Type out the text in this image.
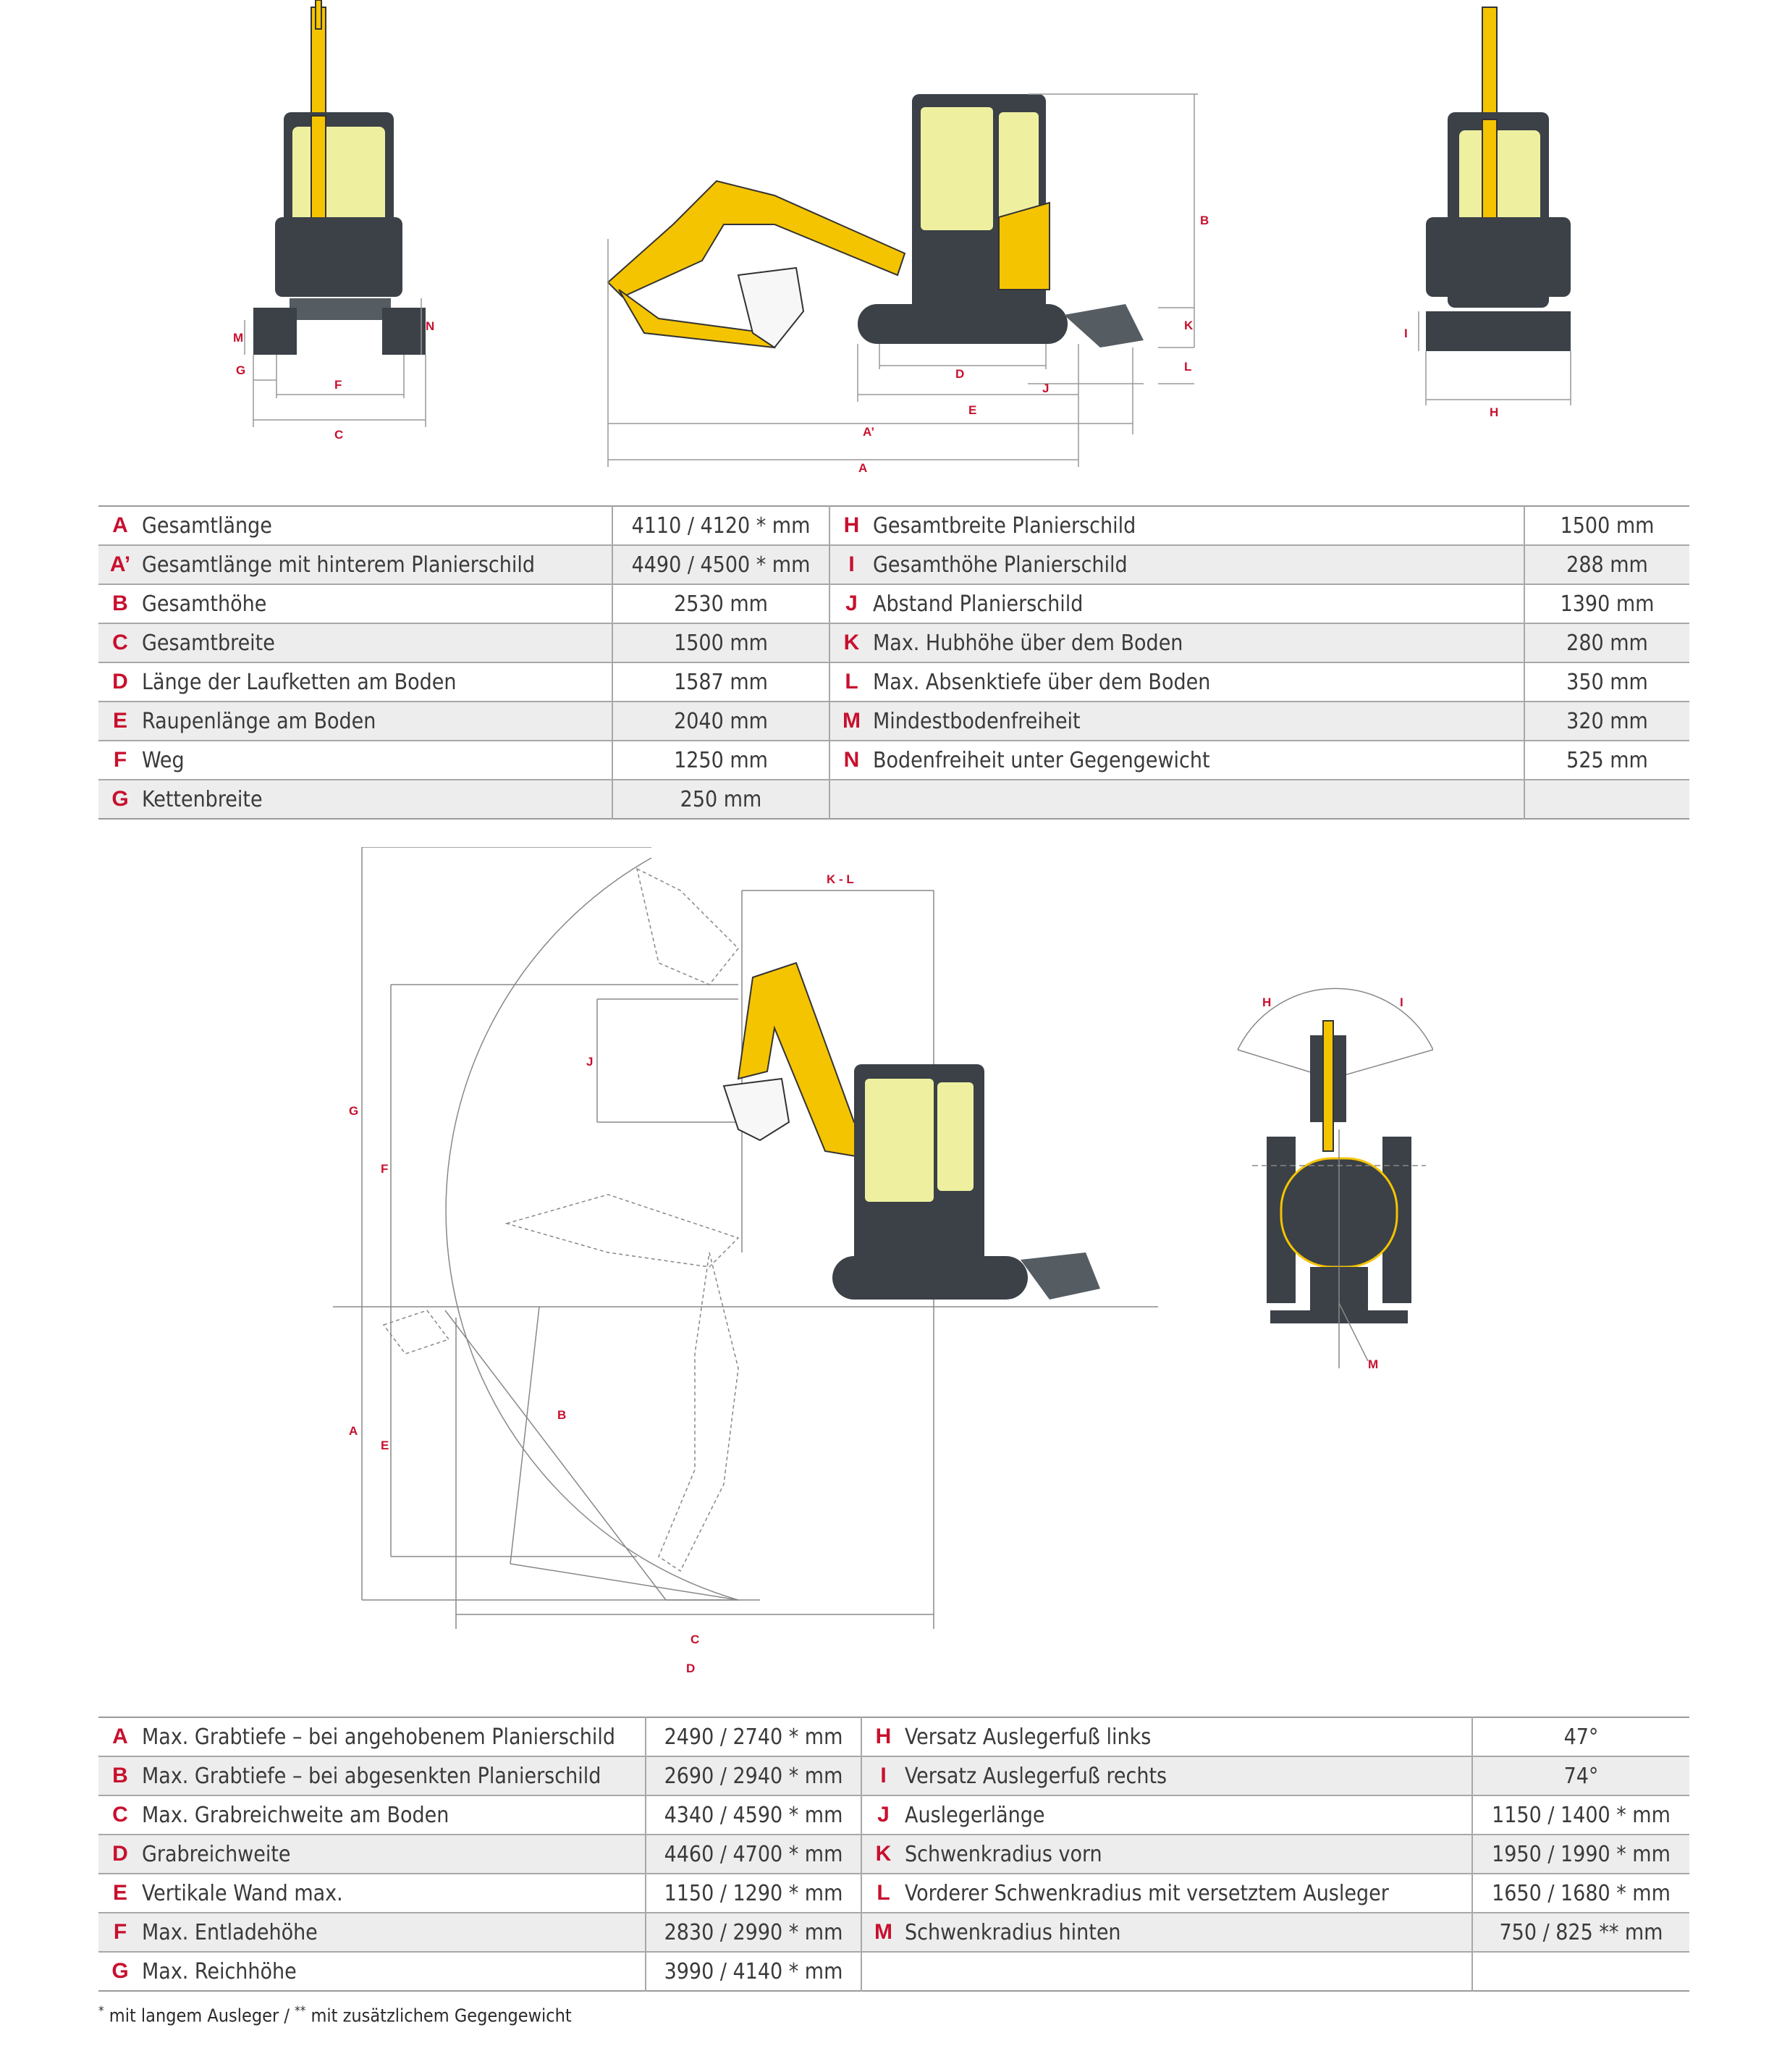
M
N
G
F
C
B
K
L
D
J
E
A’
A
I
H
A	Gesamtlänge	4110 / 4120 * mm	H	Gesamtbreite Planierschild	1500 mm
A’	Gesamtlänge mit hinterem Planierschild	4490 / 4500 * mm	I	Gesamthöhe Planierschild	288 mm
B	Gesamthöhe	2530 mm	J	Abstand Planierschild	1390 mm
C	Gesamtbreite	1500 mm	K	Max. Hubhöhe über dem Boden	280 mm
D	Länge der Laufketten am Boden	1587 mm	L	Max. Absenktiefe über dem Boden	350 mm
E	Raupenlänge am Boden	2040 mm	M	Mindestbodenfreiheit	320 mm
F	Weg	1250 mm	N	Bodenfreiheit unter Gegengewicht	525 mm
G	Kettenbreite	250 mm			
K - L
J
G
F
A
E
B
C
D
H	I
M
A	Max. Grabtiefe – bei angehobenem Planierschild	2490 / 2740 * mm	H	Versatz Auslegerfuß links	47°
B	Max. Grabtiefe – bei abgesenkten Planierschild	2690 / 2940 * mm	I	Versatz Auslegerfuß rechts	74°
C	Max. Grabreichweite am Boden	4340 / 4590 * mm	J	Auslegerlänge	1150 / 1400 * mm
D	Grabreichweite	4460 / 4700 * mm	K	Schwenkradius vorn	1950 / 1990 * mm
E	Vertikale Wand max.	1150 / 1290 * mm	L	Vorderer Schwenkradius mit versetztem Ausleger	1650 / 1680 * mm
F	Max. Entladehöhe	2830 / 2990 * mm	M	Schwenkradius hinten	750 / 825 ** mm
G	Max. Reichhöhe	3990 / 4140 * mm			
* mit langem Ausleger / ** mit zusätzlichem Gegengewicht
